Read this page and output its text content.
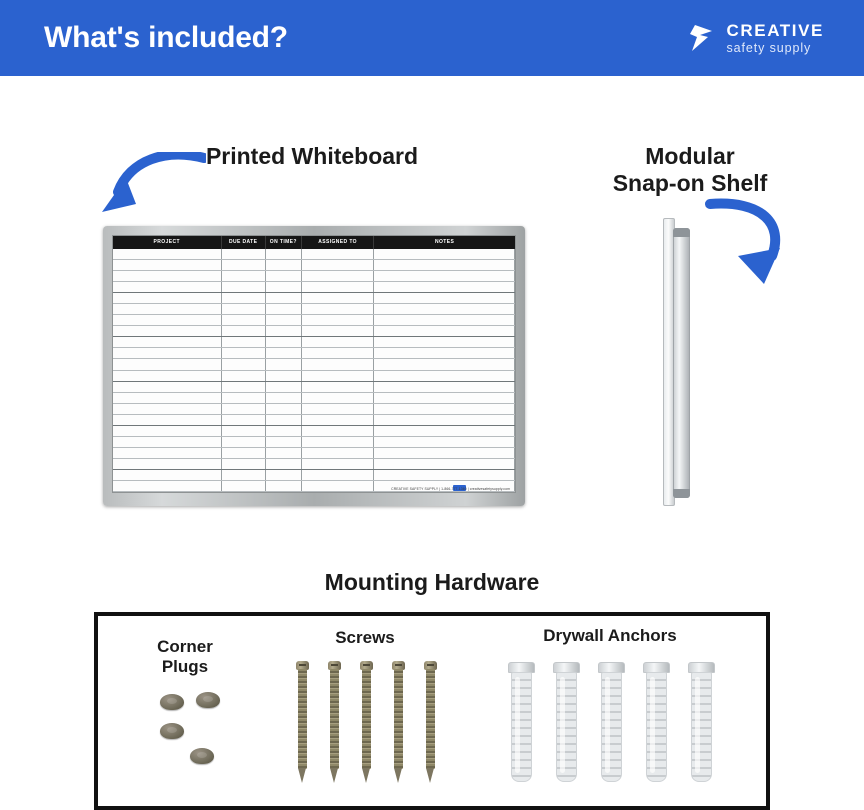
What's included?	CREATIVE
safety supply
Printed Whiteboard	Modular
Snap-on Shelf
Mounting Hardware
PROJECT	DUE DATE	ON TIME?	ASSIGNED TO	NOTES
CREATIVE SAFETY SUPPLY | 1-866-777-1360 | creativesafetysupply.com
Corner
Plugs
Screws	Drywall Anchors
